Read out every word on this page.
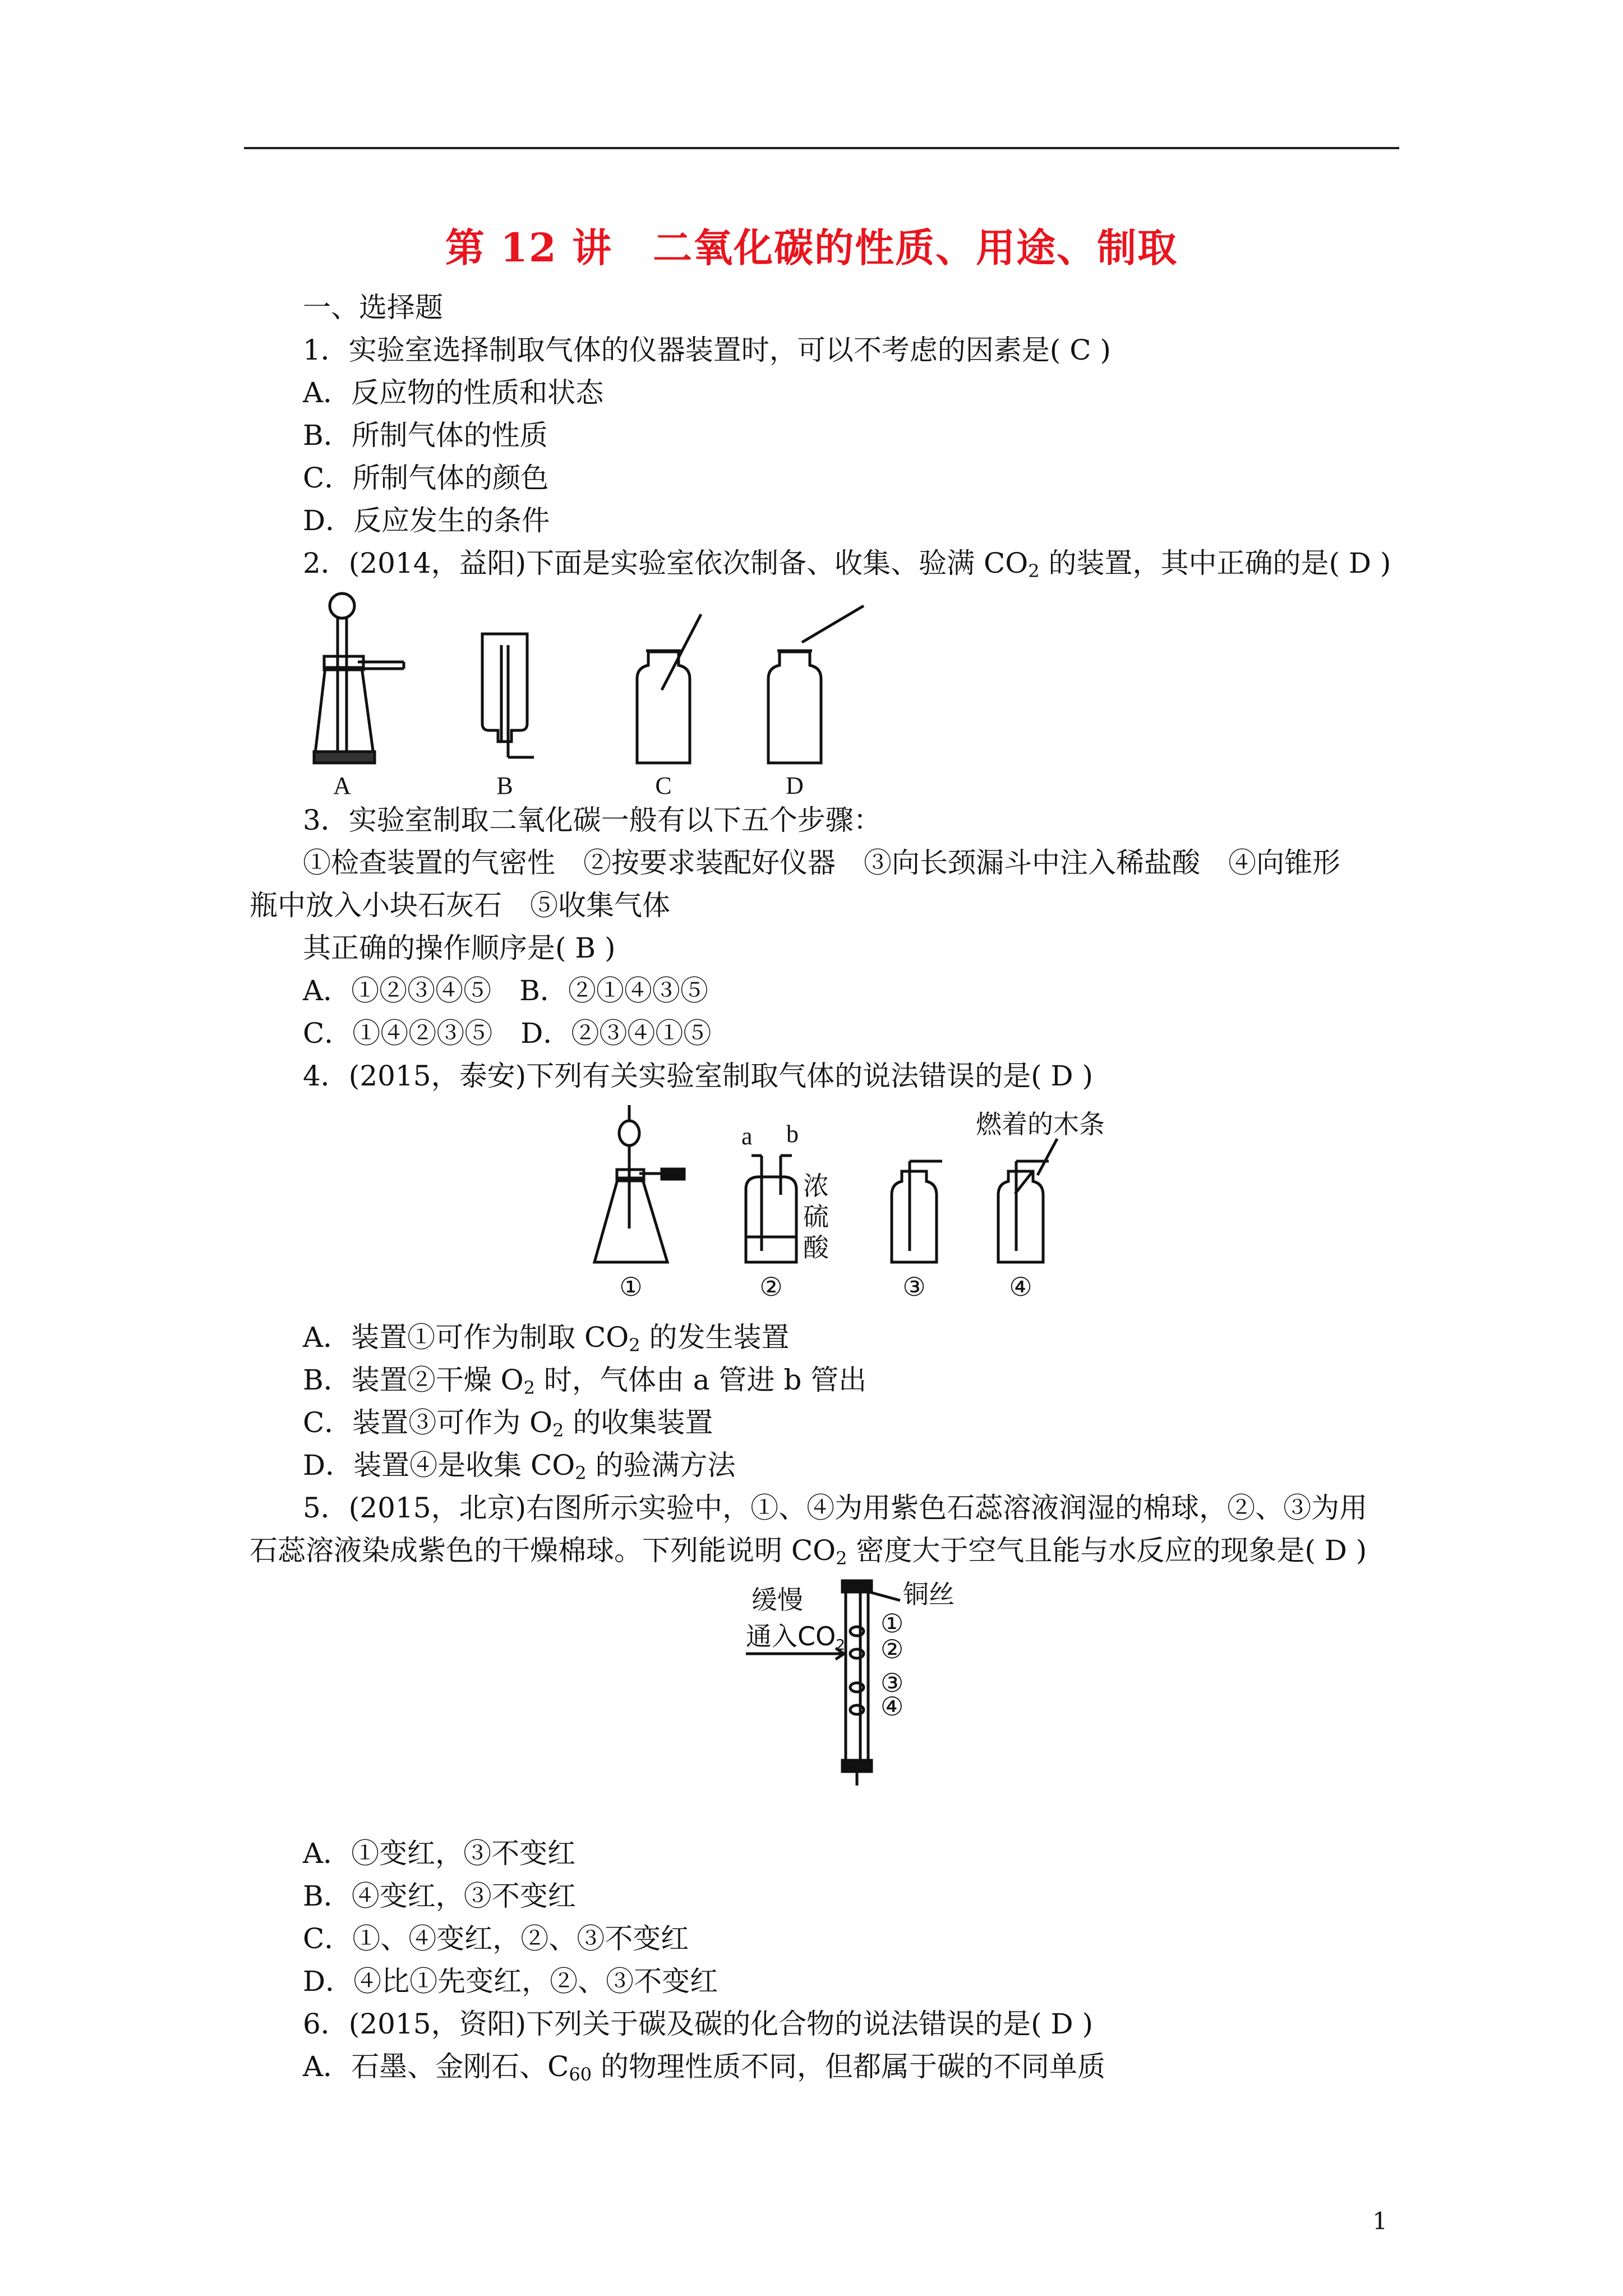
第 12 讲　二氧化碳的性质、用途、制取
一、选择题
1．实验室选择制取气体的仪器装置时，可以不考虑的因素是( C )
A．反应物的性质和状态
B．所制气体的性质
C．所制气体的颜色
D．反应发生的条件
2．(2014，益阳)下面是实验室依次制备、收集、验满 $CO_2$ 的装置，其中正确的是( D )
A	B	C	D
3．实验室制取二氧化碳一般有以下五个步骤：
①检查装置的气密性　②按要求装配好仪器　③向长颈漏斗中注入稀盐酸　④向锥形
瓶中放入小块石灰石　⑤收集气体
其正确的操作顺序是( B )
A．①②③④⑤　B．②①④③⑤
C．①④②③⑤　D．②③④①⑤
4．(2015，泰安)下列有关实验室制取气体的说法错误的是( D )
a b
浓
硫
酸
燃着的木条
①	②	③	④
A．装置①可作为制取 $CO_2$ 的发生装置
B．装置②干燥 $O_2$ 时，气体由 a 管进 b 管出
C．装置③可作为 $O_2$ 的收集装置
D．装置④是收集 $CO_2$ 的验满方法
5．(2015，北京)右图所示实验中，①、④为用紫色石蕊溶液润湿的棉球，②、③为用
石蕊溶液染成紫色的干燥棉球。下列能说明 $CO_2$ 密度大于空气且能与水反应的现象是( D )
缓慢
通入CO2
铜丝
①
②
③
④
A．①变红，③不变红
B．④变红，③不变红
C．①、④变红，②、③不变红
D．④比①先变红，②、③不变红
6．(2015，资阳)下列关于碳及碳的化合物的说法错误的是( D )
A．石墨、金刚石、$C_{60}$ 的物理性质不同，但都属于碳的不同单质
1
